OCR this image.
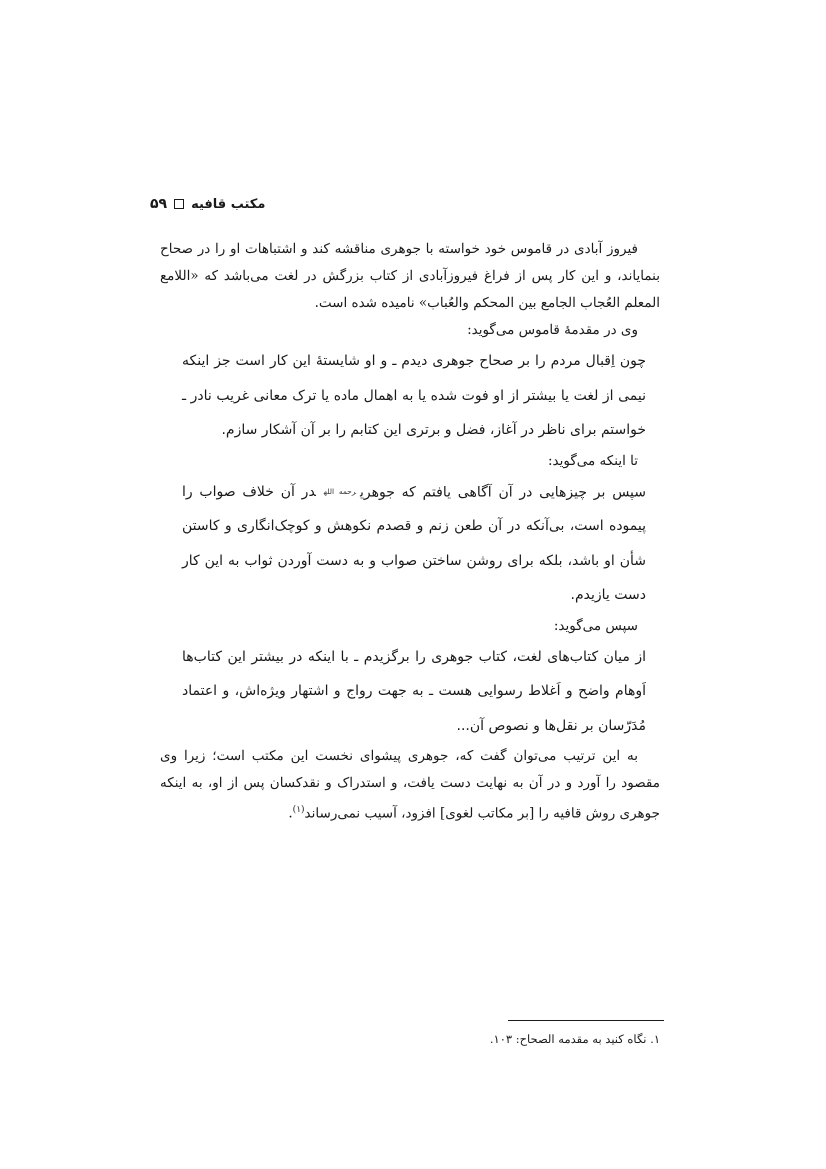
۵۹ مکتب قافیه

فیروز آبادی در قاموس خود خواسته با جوهری مناقشه کند و اشتباهات او را در صحاح بنمایاند، و این کار پس از فراغ فیروزآبادی از کتاب بزرگش در لغت می‌باشد که «اللامع المعلم العُجاب الجامع بین المحکم والعُباب» نامیده شده است.

وی در مقدمهٔ قاموس می‌گوید:

چون اِقبال مردم را بر صحاح جوهری دیدم ـ و او شایستهٔ این کار است جز اینکه نیمی از لغت یا بیشتر از او فوت شده یا به اهمال ماده یا ترک معانی غریب نادر ـ خواستم برای ناظر در آغاز، فضل و برتری این کتابم را بر آن آشکار سازم.

تا اینکه می‌گوید:

سپس بر چیزهایی در آن آگاهی یافتم که جوهریرحمه اللهدر آن خلاف صواب را پیموده است، بی‌آنکه در آن طعن زنم و قصدم نکوهش و کوچک‌انگاری و کاستن شأن او باشد، بلکه برای روشن ساختن صواب و به دست آوردن ثواب به این کار دست یازیدم.

سپس می‌گوید:

از میان کتاب‌های لغت، کتاب جوهری را برگزیدم ـ با اینکه در بیشتر این کتاب‌ها اَوهام واضح و اَغلاط رسوایی هست ـ به جهت رواج و اشتهار ویژه‌اش، و اعتماد مُدَرّسان بر نقل‌ها و نصوص آن...

به این ترتیب می‌توان گفت که، جوهری پیشوای نخست این مکتب است؛ زیرا وی مقصود را آورد و در آن به نهایت دست یافت، و استدراک و نقدکسان پس از او، به اینکه جوهری روش قافیه را [بر مکاتب لغوی] افزود، آسیب نمی‌رساند$^{(۱)}$.

۱. نگاه کنید به مقدمه الصحاح: ۱۰۳.
